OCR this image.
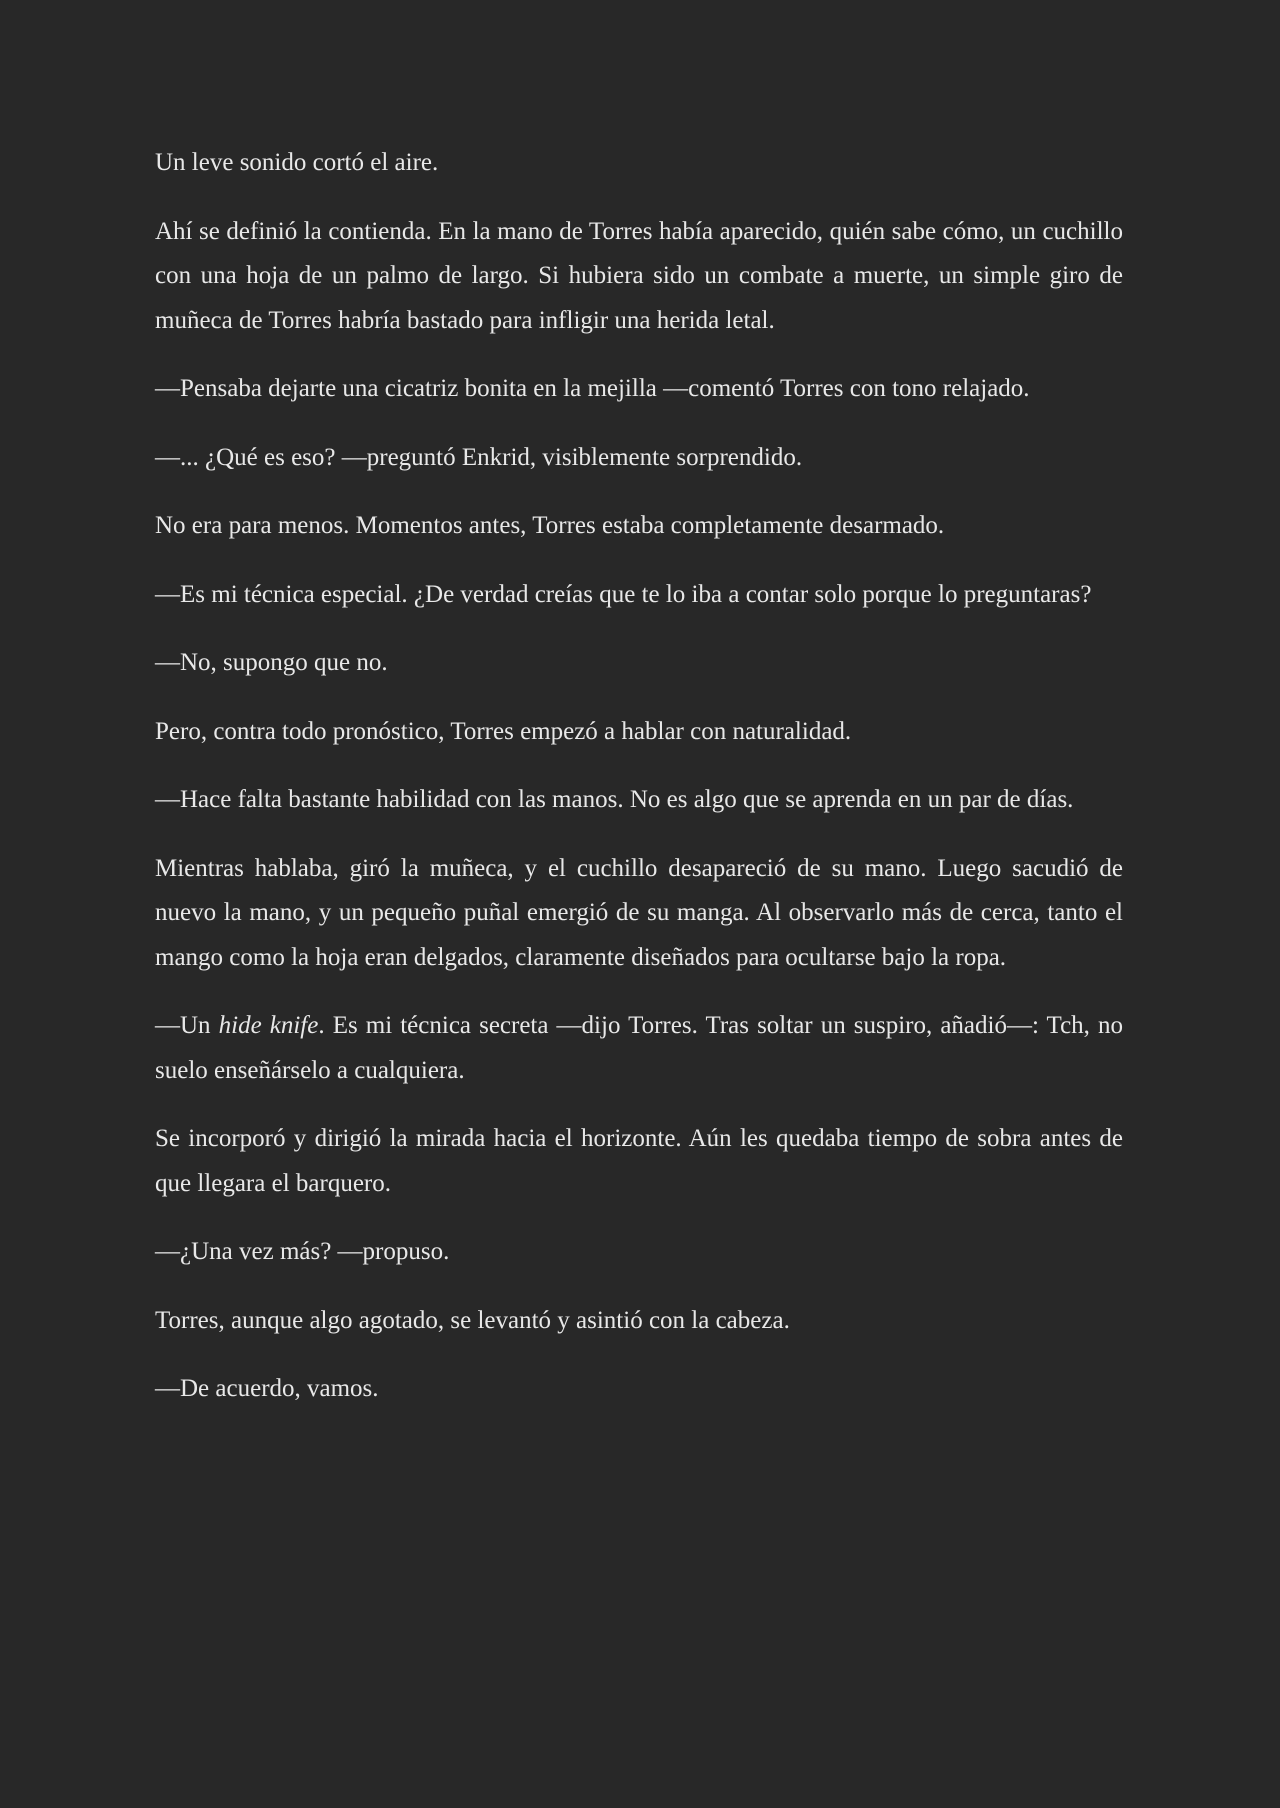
Un leve sonido cortó el aire.

Ahí se definió la contienda. En la mano de Torres había aparecido, quién sabe cómo, un cuchillo con una hoja de un palmo de largo. Si hubiera sido un combate a muerte, un simple giro de muñeca de Torres habría bastado para infligir una herida letal.

—Pensaba dejarte una cicatriz bonita en la mejilla —comentó Torres con tono relajado.

—... ¿Qué es eso? —preguntó Enkrid, visiblemente sorprendido.

No era para menos. Momentos antes, Torres estaba completamente desarmado.

—Es mi técnica especial. ¿De verdad creías que te lo iba a contar solo porque lo preguntaras?

—No, supongo que no.

Pero, contra todo pronóstico, Torres empezó a hablar con naturalidad.

—Hace falta bastante habilidad con las manos. No es algo que se aprenda en un par de días.

Mientras hablaba, giró la muñeca, y el cuchillo desapareció de su mano. Luego sacudió de nuevo la mano, y un pequeño puñal emergió de su manga. Al observarlo más de cerca, tanto el mango como la hoja eran delgados, claramente diseñados para ocultarse bajo la ropa.

—Un hide knife. Es mi técnica secreta —dijo Torres. Tras soltar un suspiro, añadió—: Tch, no suelo enseñárselo a cualquiera.

Se incorporó y dirigió la mirada hacia el horizonte. Aún les quedaba tiempo de sobra antes de que llegara el barquero.

—¿Una vez más? —propuso.

Torres, aunque algo agotado, se levantó y asintió con la cabeza.

—De acuerdo, vamos.
